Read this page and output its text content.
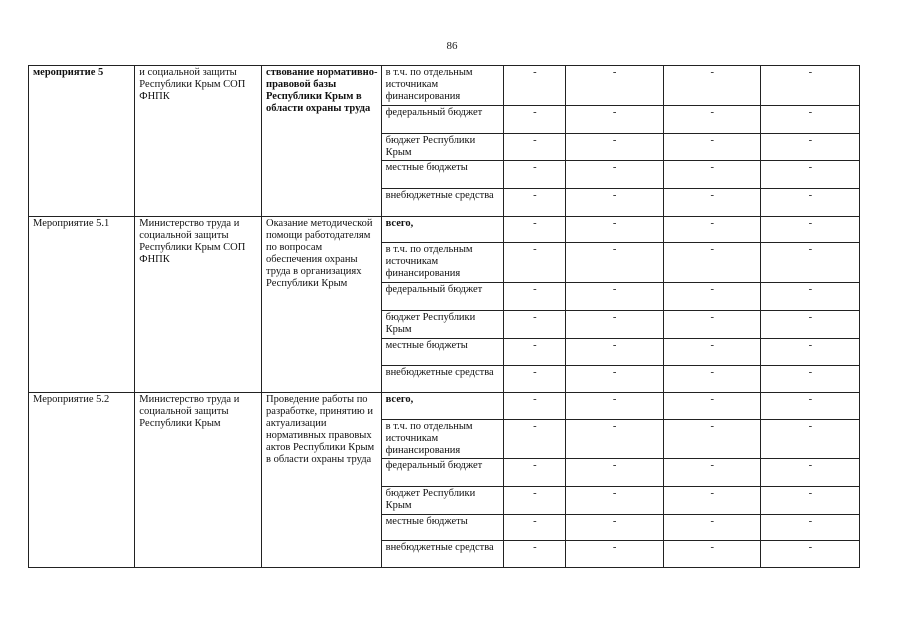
86
мероприятие 5	и социальной защиты Республики Крым СОП ФНПК	ствование нормативно-правовой базы Республики Крым в области охраны труда	в т.ч. по отдельным источникам финансирования	-	-	-	-
			федеральный бюджет	-	-	-	-
			бюджет Республики Крым	-	-	-	-
			местные бюджеты	-	-	-	-
			внебюджетные средства	-	-	-	-
Мероприятие 5.1	Министерство труда и социальной защиты Республики Крым СОП ФНПК	Оказание методической помощи работодателям по вопросам обеспечения охраны труда в организациях Республики Крым	всего,	-	-	-	-
			в т.ч. по отдельным источникам финансирования	-	-	-	-
			федеральный бюджет	-	-	-	-
			бюджет Республики Крым	-	-	-	-
			местные бюджеты	-	-	-	-
			внебюджетные средства	-	-	-	-
Мероприятие 5.2	Министерство труда и социальной защиты Республики Крым	Проведение работы по разработке, принятию и актуализации нормативных правовых актов Республики Крым в области охраны труда	всего,	-	-	-	-
			в т.ч. по отдельным источникам финансирования	-	-	-	-
			федеральный бюджет	-	-	-	-
			бюджет Республики Крым	-	-	-	-
			местные бюджеты	-	-	-	-
			внебюджетные средства	-	-	-	-
